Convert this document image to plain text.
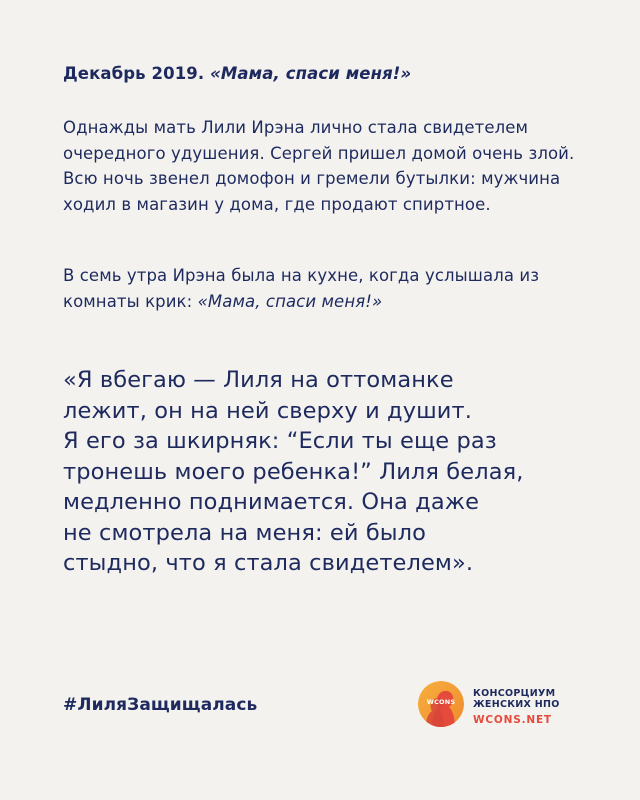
Декабрь 2019. «Мама, спаси меня!»

Однажды мать Лили Ирэна лично стала свидетелем очередного удушения. Сергей пришел домой очень злой. Всю ночь звенел домофон и гремели бутылки: мужчина ходил в магазин у дома, где продают спиртное.

В семь утра Ирэна была на кухне, когда услышала из комнаты крик: «Мама, спаси меня!»

«Я вбегаю — Лиля на оттоманке
лежит, он на ней сверху и душит.
Я его за шкирняк: “Если ты еще раз
тронешь моего ребенка!” Лиля белая,
медленно поднимается. Она даже
не смотрела на меня: ей было
стыдно, что я стала свидетелем».

#ЛиляЗащищалась	WCONS
КОНСОРЦИУМ
ЖЕНСКИХ НПО
WCONS.NET
